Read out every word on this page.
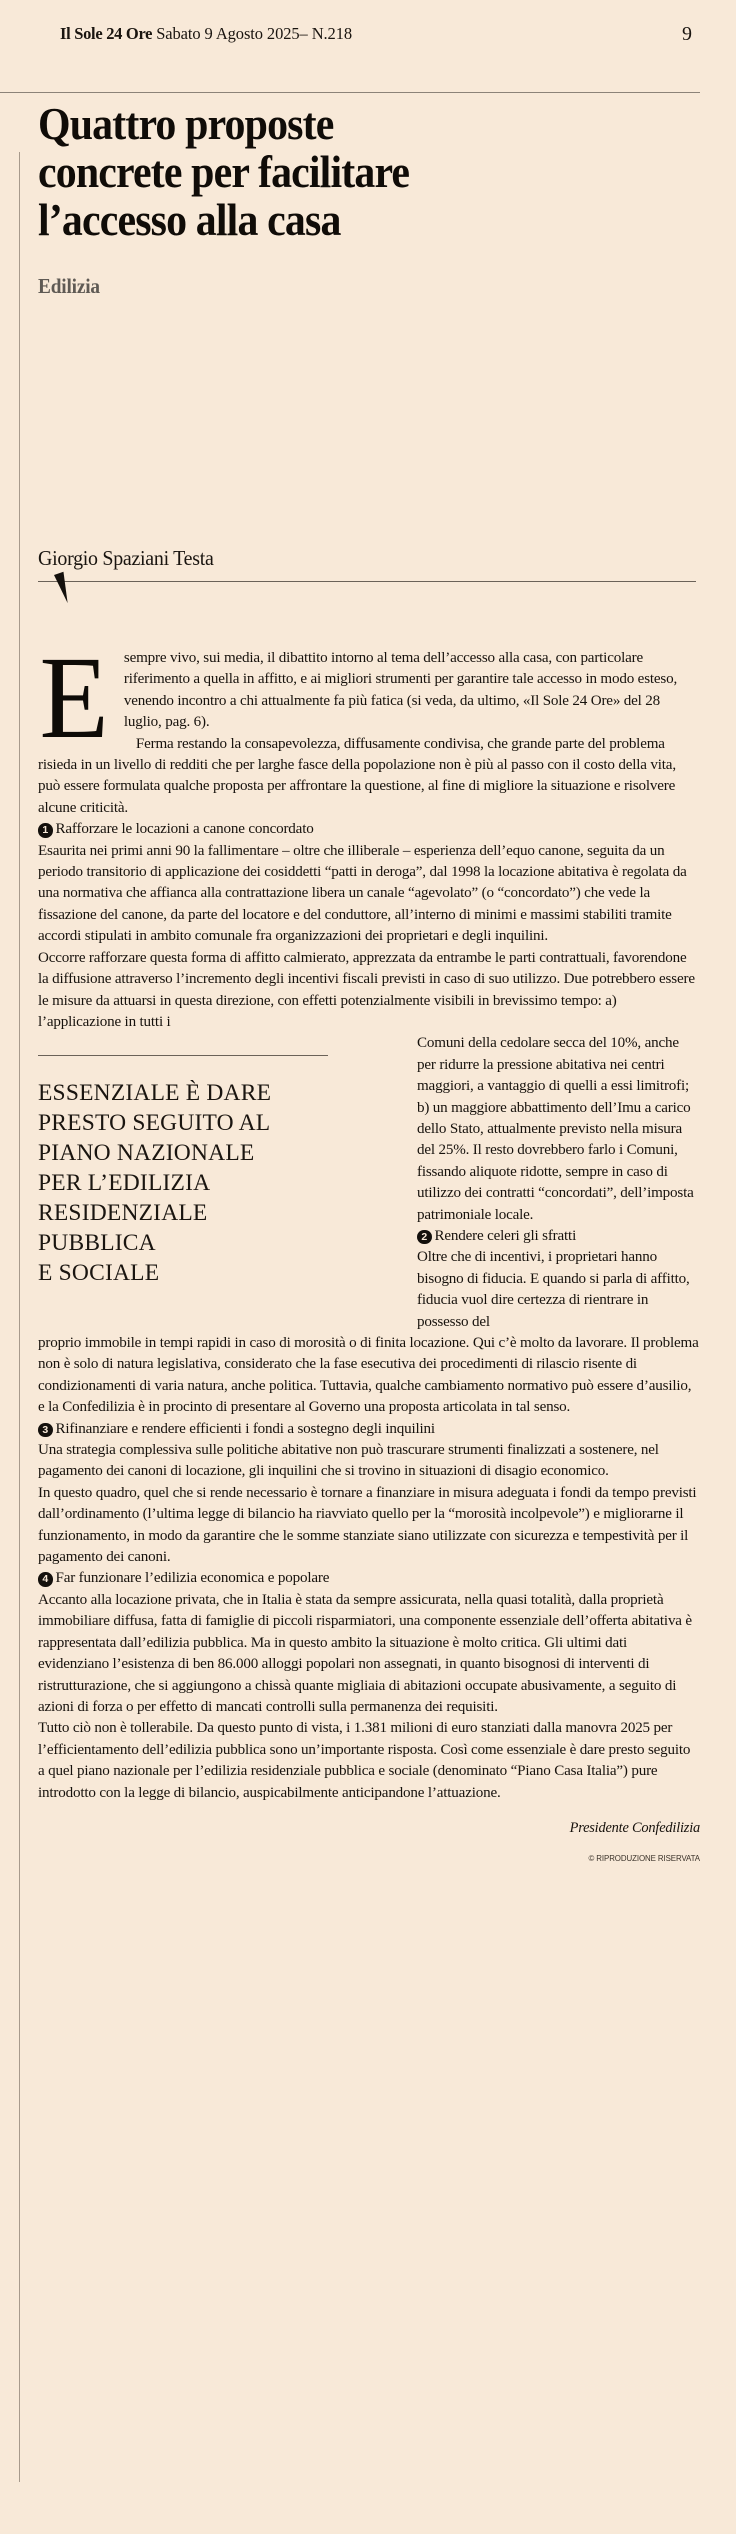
Il Sole 24 Ore Sabato 9 Agosto 2025– N.218	9
Quattro proposte
concrete per facilitare
l’accesso alla casa
Edilizia
Giorgio Spaziani Testa
E	sempre vivo, sui media, il dibattito intorno al tema dell’accesso alla casa, con particolare riferimento a quella in affitto, e ai migliori strumenti per garantire tale accesso in modo esteso, venendo incontro a chi attualmente fa più fatica (si veda, da ultimo, «Il Sole 24 Ore» del 28 luglio, pag. 6).

Ferma restando la consapevolezza, diffusamente condivisa, che grande parte del problema risieda in un livello di redditi che per larghe fasce della popolazione non è più al passo con il costo della vita, può essere formulata qualche proposta per affrontare la questione, al fine di migliore la situazione e risolvere alcune criticità.

1 Rafforzare le locazioni a canone concordato

Esaurita nei primi anni 90 la fallimentare – oltre che illiberale – esperienza dell’equo canone, seguita da un periodo transitorio di applicazione dei cosiddetti “patti in deroga”, dal 1998 la locazione abitativa è regolata da una normativa che affianca alla contrattazione libera un canale “agevolato” (o “concordato”) che vede la fissazione del canone, da parte del locatore e del conduttore, all’interno di minimi e massimi stabiliti tramite accordi stipulati in ambito comunale fra organizzazioni dei proprietari e degli inquilini.

Occorre rafforzare questa forma di affitto calmierato, apprezzata da entrambe le parti contrattuali, favorendone la diffusione attraverso l’incremento degli incentivi fiscali previsti in caso di suo utilizzo. Due potrebbero essere le misure da attuarsi in questa direzione, con effetti potenzialmente visibili in brevissimo tempo: a) l’applicazione in tutti i

Comuni della cedolare secca del 10%, anche per ridurre la pressione abitativa nei centri maggiori, a vantaggio di quelli a essi limitrofi; b) un maggiore abbattimento dell’Imu a carico dello Stato, attualmente previsto nella misura del 25%. Il resto dovrebbero farlo i Comuni, fissando aliquote ridotte, sempre in caso di utilizzo dei contratti “concordati”, dell’imposta patrimoniale locale.

2 Rendere celeri gli sfratti

Oltre che di incentivi, i proprietari hanno bisogno di fiducia. E quando si parla di affitto, fiducia vuol dire certezza di rientrare in possesso del

ESSENZIALE È DARE
PRESTO SEGUITO AL
PIANO NAZIONALE
PER L’EDILIZIA
RESIDENZIALE
PUBBLICA
E SOCIALE

proprio immobile in tempi rapidi in caso di morosità o di finita locazione. Qui c’è molto da lavorare. Il problema non è solo di natura legislativa, considerato che la fase esecutiva dei procedimenti di rilascio risente di condizionamenti di varia natura, anche politica. Tuttavia, qualche cambiamento normativo può essere d’ausilio, e la Confedilizia è in procinto di presentare al Governo una proposta articolata in tal senso.

3 Rifinanziare e rendere efficienti i fondi a sostegno degli inquilini

Una strategia complessiva sulle politiche abitative non può trascurare strumenti finalizzati a sostenere, nel pagamento dei canoni di locazione, gli inquilini che si trovino in situazioni di disagio economico.

In questo quadro, quel che si rende necessario è tornare a finanziare in misura adeguata i fondi da tempo previsti dall’ordinamento (l’ultima legge di bilancio ha riavviato quello per la “morosità incolpevole”) e migliorarne il funzionamento, in modo da garantire che le somme stanziate siano utilizzate con sicurezza e tempestività per il pagamento dei canoni.

4 Far funzionare l’edilizia economica e popolare

Accanto alla locazione privata, che in Italia è stata da sempre assicurata, nella quasi totalità, dalla proprietà immobiliare diffusa, fatta di famiglie di piccoli risparmiatori, una componente essenziale dell’offerta abitativa è rappresentata dall’edilizia pubblica. Ma in questo ambito la situazione è molto critica. Gli ultimi dati evidenziano l’esistenza di ben 86.000 alloggi popolari non assegnati, in quanto bisognosi di interventi di ristrutturazione, che si aggiungono a chissà quante migliaia di abitazioni occupate abusivamente, a seguito di azioni di forza o per effetto di mancati controlli sulla permanenza dei requisiti.

Tutto ciò non è tollerabile. Da questo punto di vista, i 1.381 milioni di euro stanziati dalla manovra 2025 per l’efficientamento dell’edilizia pubblica sono un’importante risposta. Così come essenziale è dare presto seguito a quel piano nazionale per l’edilizia residenziale pubblica e sociale (denominato “Piano Casa Italia”) pure introdotto con la legge di bilancio, auspicabilmente anticipandone l’attuazione.

Presidente Confedilizia
© RIPRODUZIONE RISERVATA
